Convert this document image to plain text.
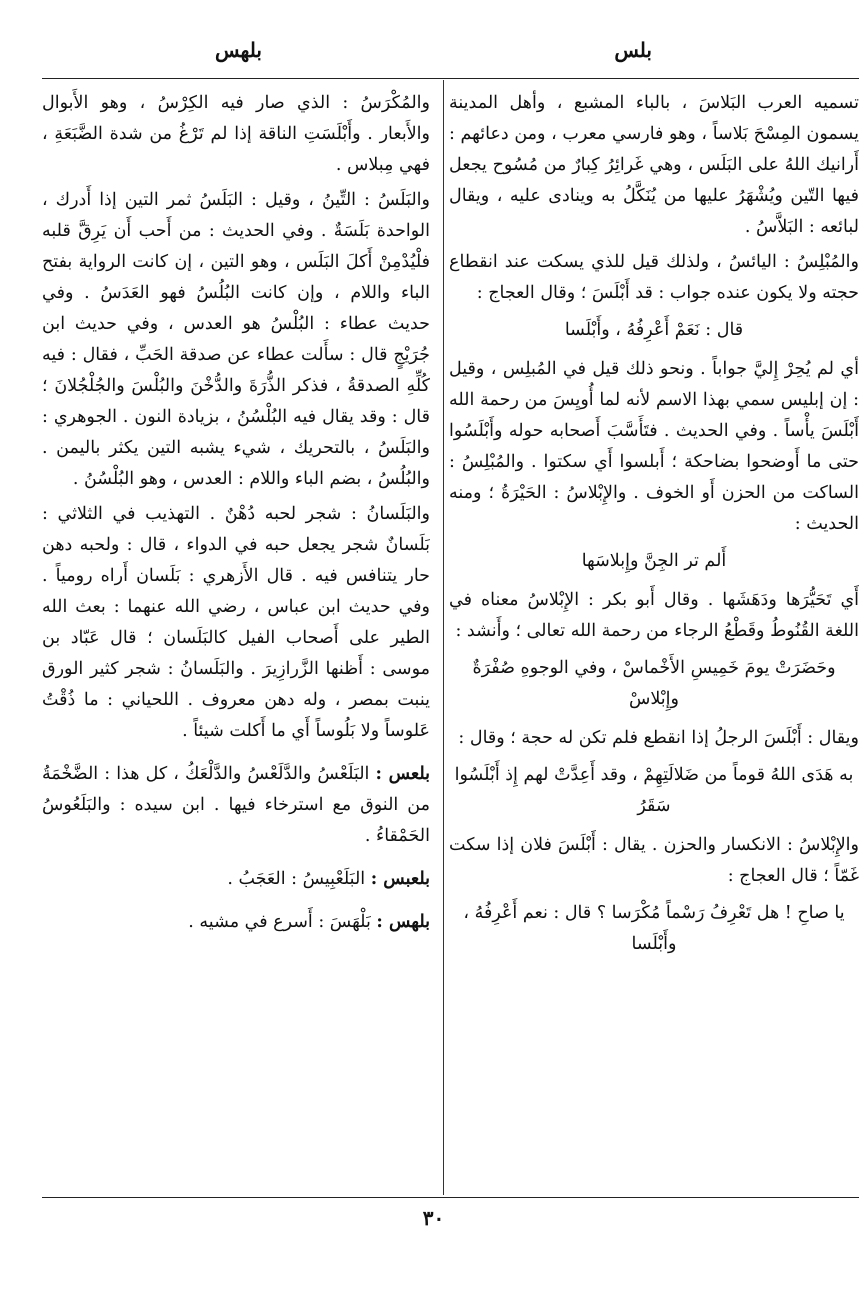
بلس
بلهس

تسميه العرب البَلاسَ ، بالباء المشبع ، وأهل المدينة يسمون المِسْحَ بَلاساً ، وهو فارسي معرب ، ومن دعائهم : أَرانيك اللهُ على البَلَس ، وهي غَرائِرُ كِبارٌ من مُسُوح يجعل فيها التّين ويُشْهَرُ عليها من يُنَكَّلُ به وينادى عليه ، ويقال لبائعه : البَلاَّسُ .

والمُبْلِسُ : اليائسُ ، ولذلك قيل للذي يسكت عند انقطاع حجته ولا يكون عنده جواب : قد أَبْلَسَ ؛ وقال العجاج :

قال : نَعَمْ أَعْرِفُهُ ، وأَبْلَسا

أي لم يُحِرْ إِليَّ جواباً . ونحو ذلك قيل في المُبلِس ، وقيل : إن إبليس سمي بهذا الاسم لأنه لما أُويِسَ من رحمة الله أَبْلَسَ يأْساً . وفي الحديث . فتَأَسَّبَ أَصحابه حوله وأَبْلَسُوا حتى ما أَوضحوا بضاحكة ؛ أَبلسوا أَي سكتوا . والمُبْلِسُ : الساكت من الحزن أَو الخوف . والإِبْلاسُ : الحَيْرَةُ ؛ ومنه الحديث :

أَلم تر الجِنَّ وإِبلاسَها

أَي تَحَيُّرَها ودَهَشَها . وقال أَبو بكر : الإِبْلاسُ معناه في اللغة القُنُوطُ وقَطْعُ الرجاء من رحمة الله تعالى ؛ وأَنشد :

وحَضَرَتْ يومَ خَمِيسِ الأَخْماسْ ، وفي الوجوهِ صُفْرَةٌ وإِبْلاسْ

ويقال : أَبْلَسَ الرجلُ إذا انقطع فلم تكن له حجة ؛ وقال :

به هَدَى اللهُ قوماً من ضَلالَتِهِمْ ، وقد أَعِدَّتْ لهم إِذ أَبْلَسُوا سَقَرُ

والإِبْلاسُ : الانكسار والحزن . يقال : أَبْلَسَ فلان إذا سكت غَمّاً ؛ قال العجاج :

يا صاحِ ! هل تَعْرِفُ رَسْماً مُكْرَسا ؟ قال : نعم أَعْرِفُهُ ، وأَبْلَسا

والمُكْرَسُ : الذي صار فيه الكِرْسُ ، وهو الأَبوال والأَبعار . وأَبْلَسَتِ الناقة إذا لم تَرْغُ من شدة الضَّبَعَةِ ، فهي مِبلاس .

والبَلَسُ : التِّينُ ، وقيل : البَلَسُ ثمر التين إذا أَدرك ، الواحدة بَلَسَةٌ . وفي الحديث : من أَحب أَن يَرِقَّ قلبه فلْيُدْمِنْ أَكلَ البَلَس ، وهو التين ، إن كانت الرواية بفتح الباء واللام ، وإن كانت البُلُسُ فهو العَدَسُ . وفي حديث عطاء : البُلْسُ هو العدس ، وفي حديث ابن جُرَيْجٍ قال : سأَلت عطاء عن صدقة الحَبِّ ، فقال : فيه كُلِّهِ الصدقةُ ، فذكر الذُّرَةَ والدُّخْنَ والبُلْسَ والجُلْجُلانَ ؛ قال : وقد يقال فيه البُلْسُنُ ، بزيادة النون . الجوهري : والبَلَسُ ، بالتحريك ، شيء يشبه التين يكثر باليمن . والبُلُسُ ، بضم الباء واللام : العدس ، وهو البُلْسُنُ .

والبَلَسانُ : شجر لحبه دُهْنٌ . التهذيب في الثلاثي : بَلَسانٌ شجر يجعل حبه في الدواء ، قال : ولحبه دهن حار يتنافس فيه . قال الأَزهري : بَلَسان أَراه رومياً . وفي حديث ابن عباس ، رضي الله عنهما : بعث الله الطير على أَصحاب الفيل كالبَلَسان ؛ قال عَبّاد بن موسى : أَظنها الزَّرازِيرَ . والبَلَسانُ : شجر كثير الورق ينبت بمصر ، وله دهن معروف . اللحياني : ما ذُقْتُ عَلوساً ولا بَلُوساً أَي ما أَكلت شيئاً .

بلعس : البَلَعْسُ والدَّلَعْسُ والدَّلْعَكُ ، كل هذا : الضَّخْمَةُ من النوق مع استرخاء فيها . ابن سيده : والبَلَعُوسُ الحَمْقاءُ .

بلعبس : البَلَعْبِيسُ : العَجَبُ .

بلهس : بَلْهَسَ : أَسرع في مشيه .

٣٠
